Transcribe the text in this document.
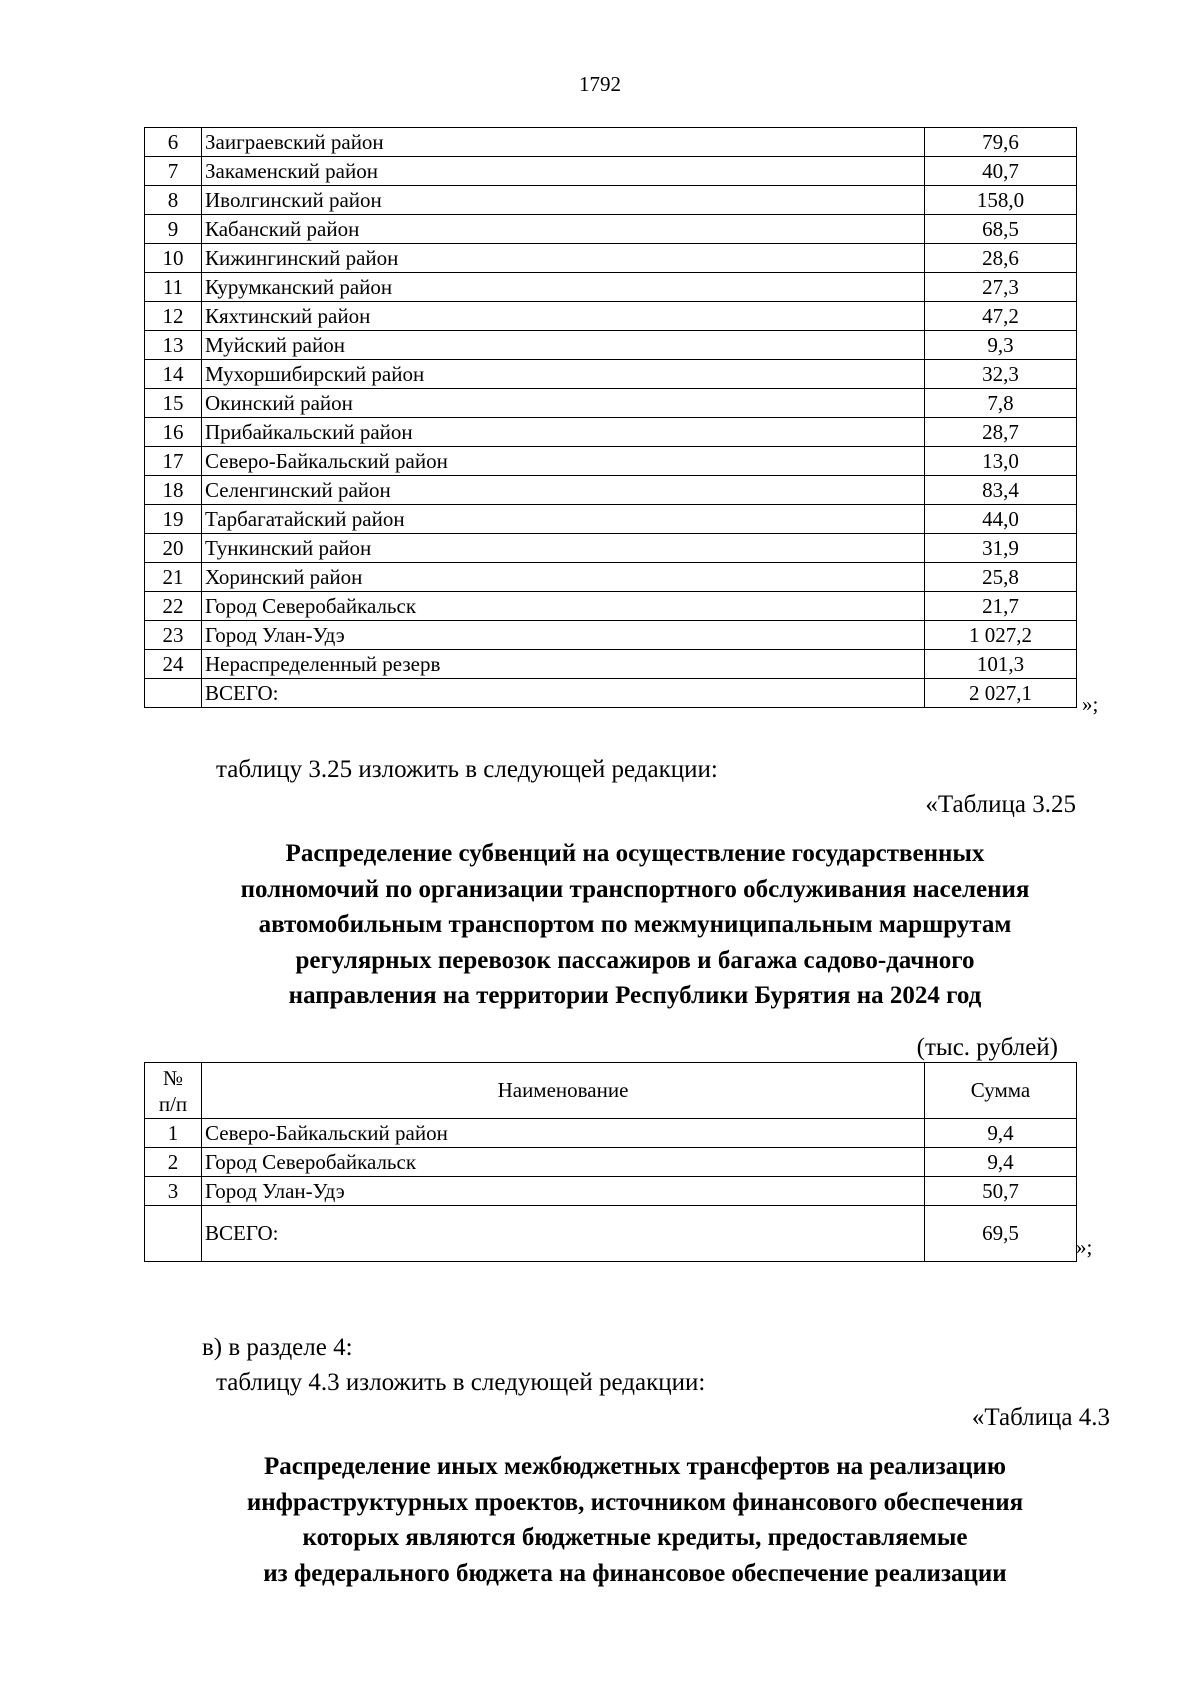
1792
6	Заиграевский район	79,6
7	Закаменский район	40,7
8	Иволгинский район	158,0
9	Кабанский район	68,5
10	Кижингинский район	28,6
11	Курумканский район	27,3
12	Кяхтинский район	47,2
13	Муйский район	9,3
14	Мухоршибирский район	32,3
15	Окинский район	7,8
16	Прибайкальский район	28,7
17	Северо-Байкальский район	13,0
18	Селенгинский район	83,4
19	Тарбагатайский район	44,0
20	Тункинский район	31,9
21	Хоринский район	25,8
22	Город Северобайкальск	21,7
23	Город Улан-Удэ	1 027,2
24	Нераспределенный резерв	101,3
	ВСЕГО:	2 027,1 »;
таблицу 3.25 изложить в следующей редакции:
«Таблица 3.25
Распределение субвенций на осуществление государственных
полномочий по организации транспортного обслуживания населения
автомобильным транспортом по межмуниципальным маршрутам
регулярных перевозок пассажиров и багажа садово-дачного
направления на территории Республики Бурятия на 2024 год
(тыс. рублей)
№
п/п	Наименование	Сумма
1	Северо-Байкальский район	9,4
2	Город Северобайкальск	9,4
3	Город Улан-Удэ	50,7
	ВСЕГО:	69,5
»;
в) в разделе 4:
таблицу 4.3 изложить в следующей редакции:
«Таблица 4.3
Распределение иных межбюджетных трансфертов на реализацию
инфраструктурных проектов, источником финансового обеспечения
которых являются бюджетные кредиты, предоставляемые
из федерального бюджета на финансовое обеспечение реализации
